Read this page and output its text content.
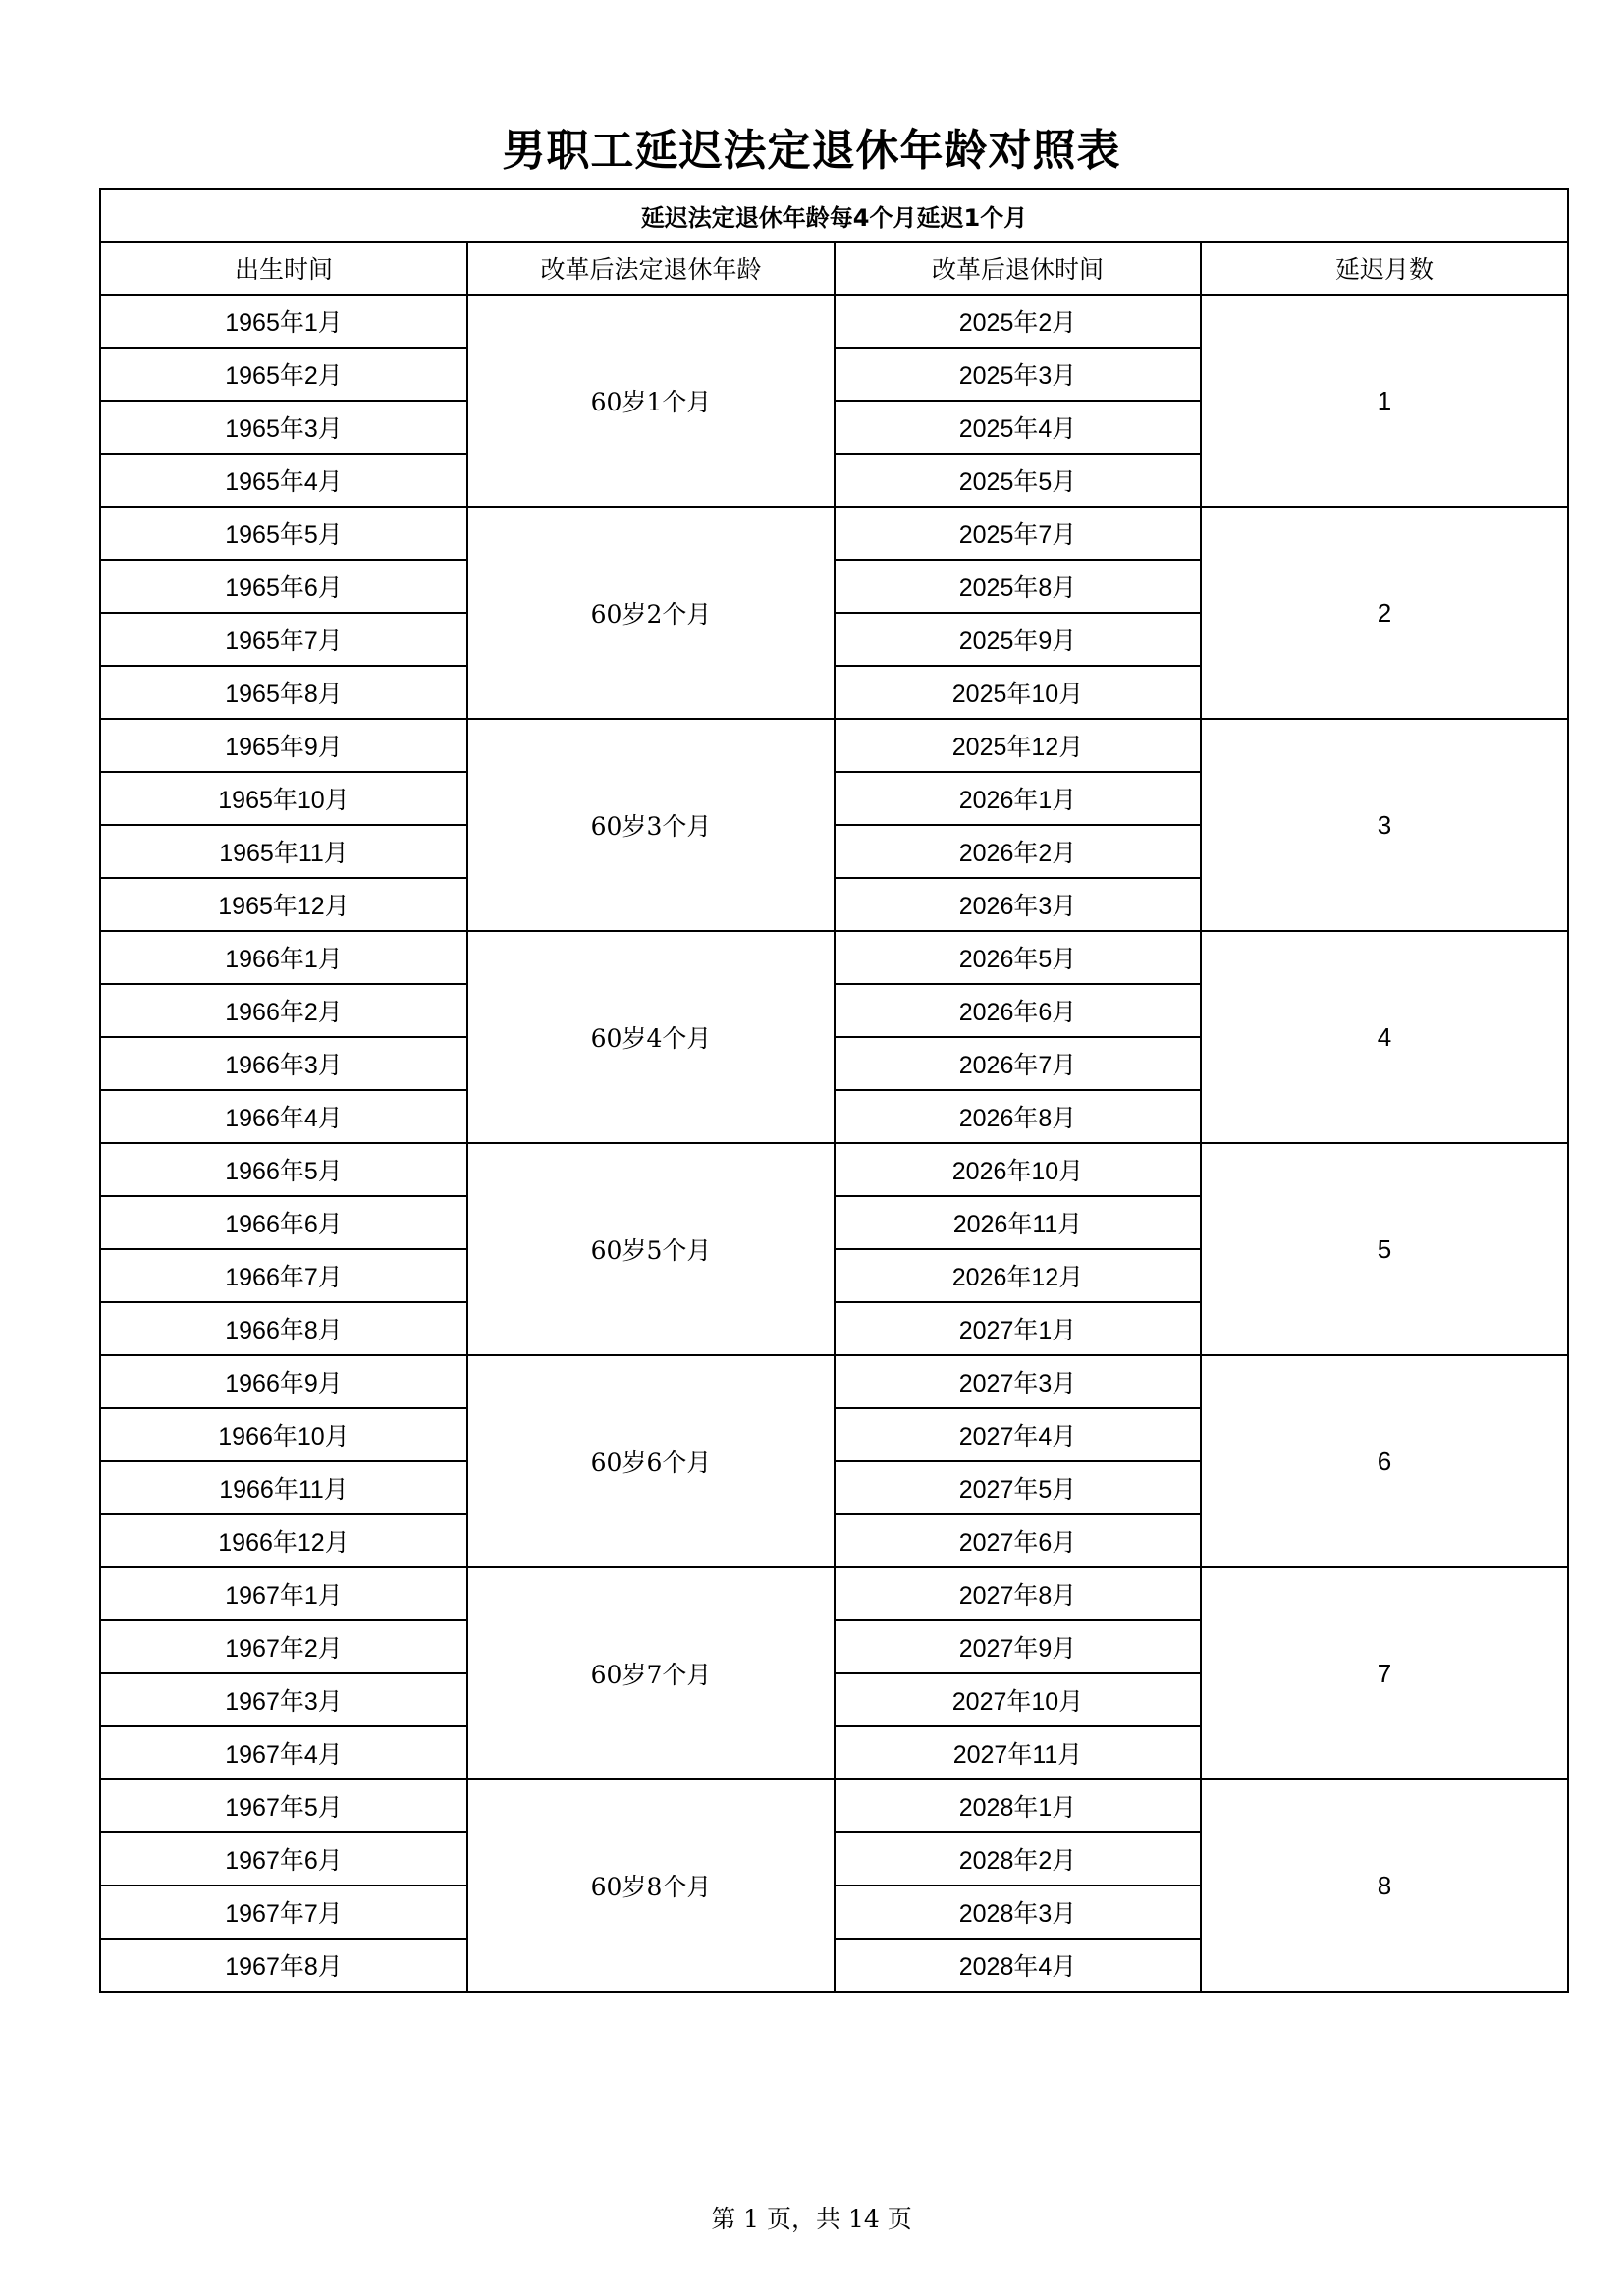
男职工延迟法定退休年龄对照表
延迟法定退休年龄每4个月延迟1个月			
出生时间	改革后法定退休年龄	改革后退休时间	延迟月数
1965年1月	60岁1个月	2025年2月	1
1965年2月		2025年3月	
1965年3月		2025年4月	
1965年4月		2025年5月	
1965年5月	60岁2个月	2025年7月	2
1965年6月		2025年8月	
1965年7月		2025年9月	
1965年8月		2025年10月	
1965年9月	60岁3个月	2025年12月	3
1965年10月		2026年1月	
1965年11月		2026年2月	
1965年12月		2026年3月	
1966年1月	60岁4个月	2026年5月	4
1966年2月		2026年6月	
1966年3月		2026年7月	
1966年4月		2026年8月	
1966年5月	60岁5个月	2026年10月	5
1966年6月		2026年11月	
1966年7月		2026年12月	
1966年8月		2027年1月	
1966年9月	60岁6个月	2027年3月	6
1966年10月		2027年4月	
1966年11月		2027年5月	
1966年12月		2027年6月	
1967年1月	60岁7个月	2027年8月	7
1967年2月		2027年9月	
1967年3月		2027年10月	
1967年4月		2027年11月	
1967年5月	60岁8个月	2028年1月	8
1967年6月		2028年2月	
1967年7月		2028年3月	
1967年8月		2028年4月	
第 1 页，共 14 页
